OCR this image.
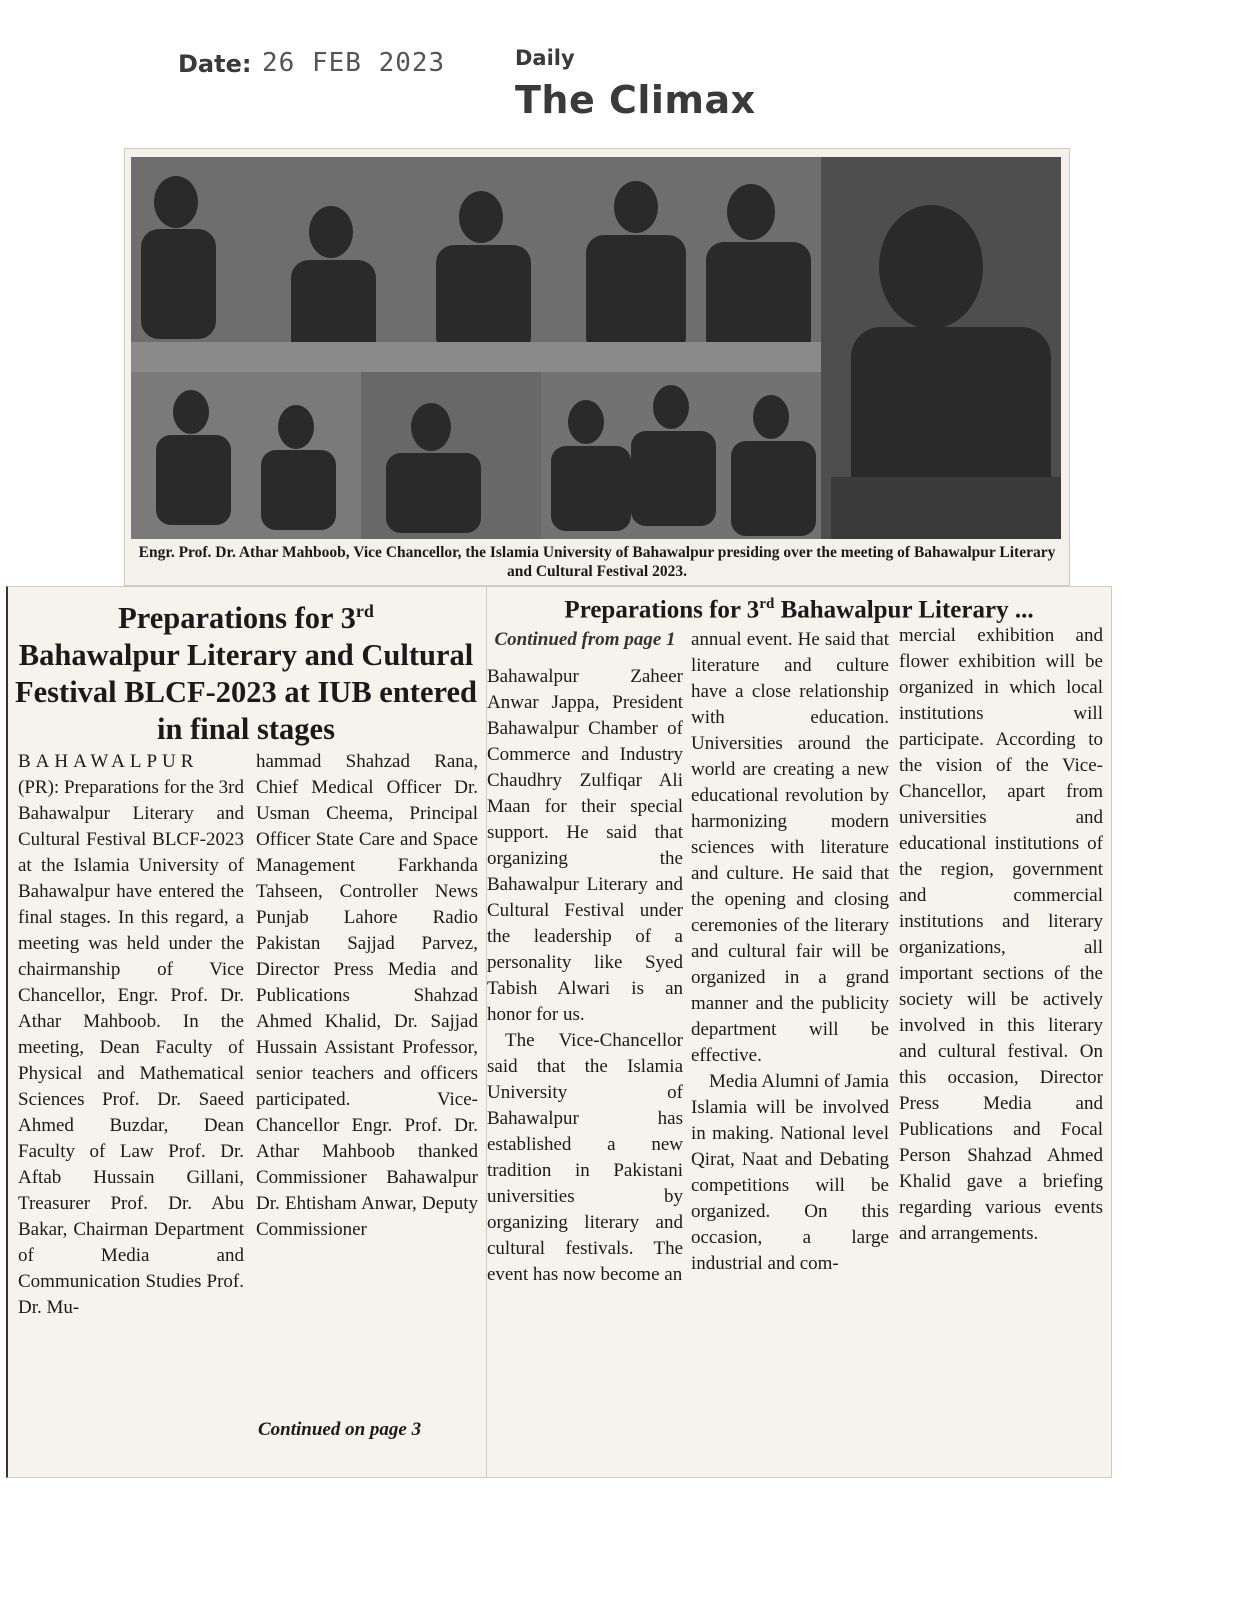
Date: 26 FEB 2023	Daily
The Climax
Engr. Prof. Dr. Athar Mahboob, Vice Chancellor, the Islamia University of Bahawalpur presiding over the meeting of Bahawalpur Literary and Cultural Festival 2023.
Preparations for 3rd
Bahawalpur Literary and Cultural Festival BLCF-2023 at IUB entered in final stages
BAHAWALPUR

(PR): Preparations for the 3rd Bahawalpur Literary and Cultural Festival BLCF-2023 at the Islamia University of Bahawalpur have entered the final stages. In this regard, a meeting was held under the chairmanship of Vice Chancellor, Engr. Prof. Dr. Athar Mahboob. In the meeting, Dean Faculty of Physical and Mathematical Sciences Prof. Dr. Saeed Ahmed Buzdar, Dean Faculty of Law Prof. Dr. Aftab Hussain Gillani, Treasurer Prof. Dr. Abu Bakar, Chairman Department of Media and Communication Studies Prof. Dr. Mu-

hammad Shahzad Rana, Chief Medical Officer Dr. Usman Cheema, Principal Officer State Care and Space Management Farkhanda Tahseen, Controller News Punjab Lahore Radio Pakistan Sajjad Parvez, Director Press Media and Publications Shahzad Ahmed Khalid, Dr. Sajjad Hussain Assistant Professor, senior teachers and officers participated. Vice-Chancellor Engr. Prof. Dr. Athar Mahboob thanked Commissioner Bahawalpur Dr. Ehtisham Anwar, Deputy Commissioner

Continued on page 3
Preparations for 3rd Bahawalpur Literary ...
Continued from page 1

Bahawalpur Zaheer Anwar Jappa, President Bahawalpur Chamber of Commerce and Industry Chaudhry Zulfiqar Ali Maan for their special support. He said that organizing the Bahawalpur Literary and Cultural Festival under the leadership of a personality like Syed Tabish Alwari is an honor for us.

The Vice-Chancellor said that the Islamia University of Bahawalpur has established a new tradition in Pakistani universities by organizing literary and cultural festivals. The event has now become an

annual event. He said that literature and culture have a close relationship with education. Universities around the world are creating a new educational revolution by harmonizing modern sciences with literature and culture. He said that the opening and closing ceremonies of the literary and cultural fair will be organized in a grand manner and the publicity department will be effective.

Media Alumni of Jamia Islamia will be involved in making. National level Qirat, Naat and Debating competitions will be organized. On this occasion, a large industrial and com-

mercial exhibition and flower exhibition will be organized in which local institutions will participate. According to the vision of the Vice-Chancellor, apart from universities and educational institutions of the region, government and commercial institutions and literary organizations, all important sections of the society will be actively involved in this literary and cultural festival. On this occasion, Director Press Media and Publications and Focal Person Shahzad Ahmed Khalid gave a briefing regarding various events and arrangements.
